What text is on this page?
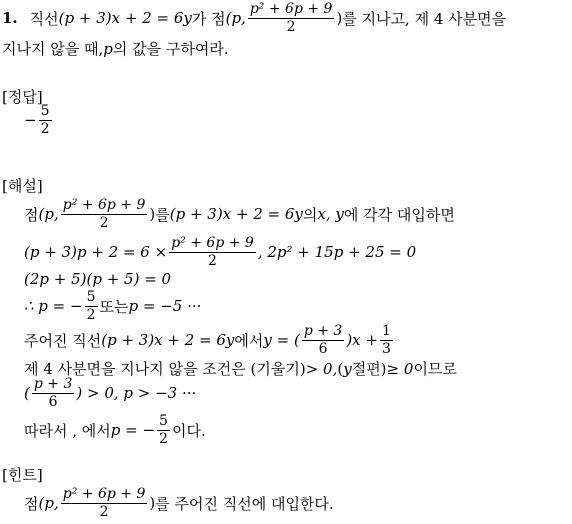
1. 직선 (p + 3)x + 2 = 6y 가 점 (p, $\frac{\text{p² + 6p + 9}}{2}$ ) 를 지나고, 제 4 사분면을
지나지 않을 때, p 의 값을 구하여라.
[정답]
− $\frac{5}{2}$
[해설]
점 (p, $\frac{\text{p² + 6p + 9}}{2}$ ) 를 (p + 3)x + 2 = 6y 의 x, y 에 각각 대입하면
$(p + 3)p + 2 = 6 \times \frac{\text{p² + 6p + 9}}{2}$ , 2p² + 15p + 25 = 0
(2p + 5)(p + 5) = 0
∴ p = − $\frac{5}{2}$ 또는 p = −5 ···
주어진 직선 (p + 3)x + 2 = 6y 에서 y = ( $\frac{p + 3}{6} )x + \frac{1}{3}$
제 4 사분면을 지나지 않을 조건은 (기울기) > 0, ( y 절편) ≥ 0 이므로
( $\frac{p + 3}{6}$ ) > 0, p > −3 ···
따라서 , 에서 p = − $\frac{5}{2}$ 이다.
[힌트]
점 (p, $\frac{\text{p² + 6p + 9}}{2}$ ) 를 주어진 직선에 대입한다.
